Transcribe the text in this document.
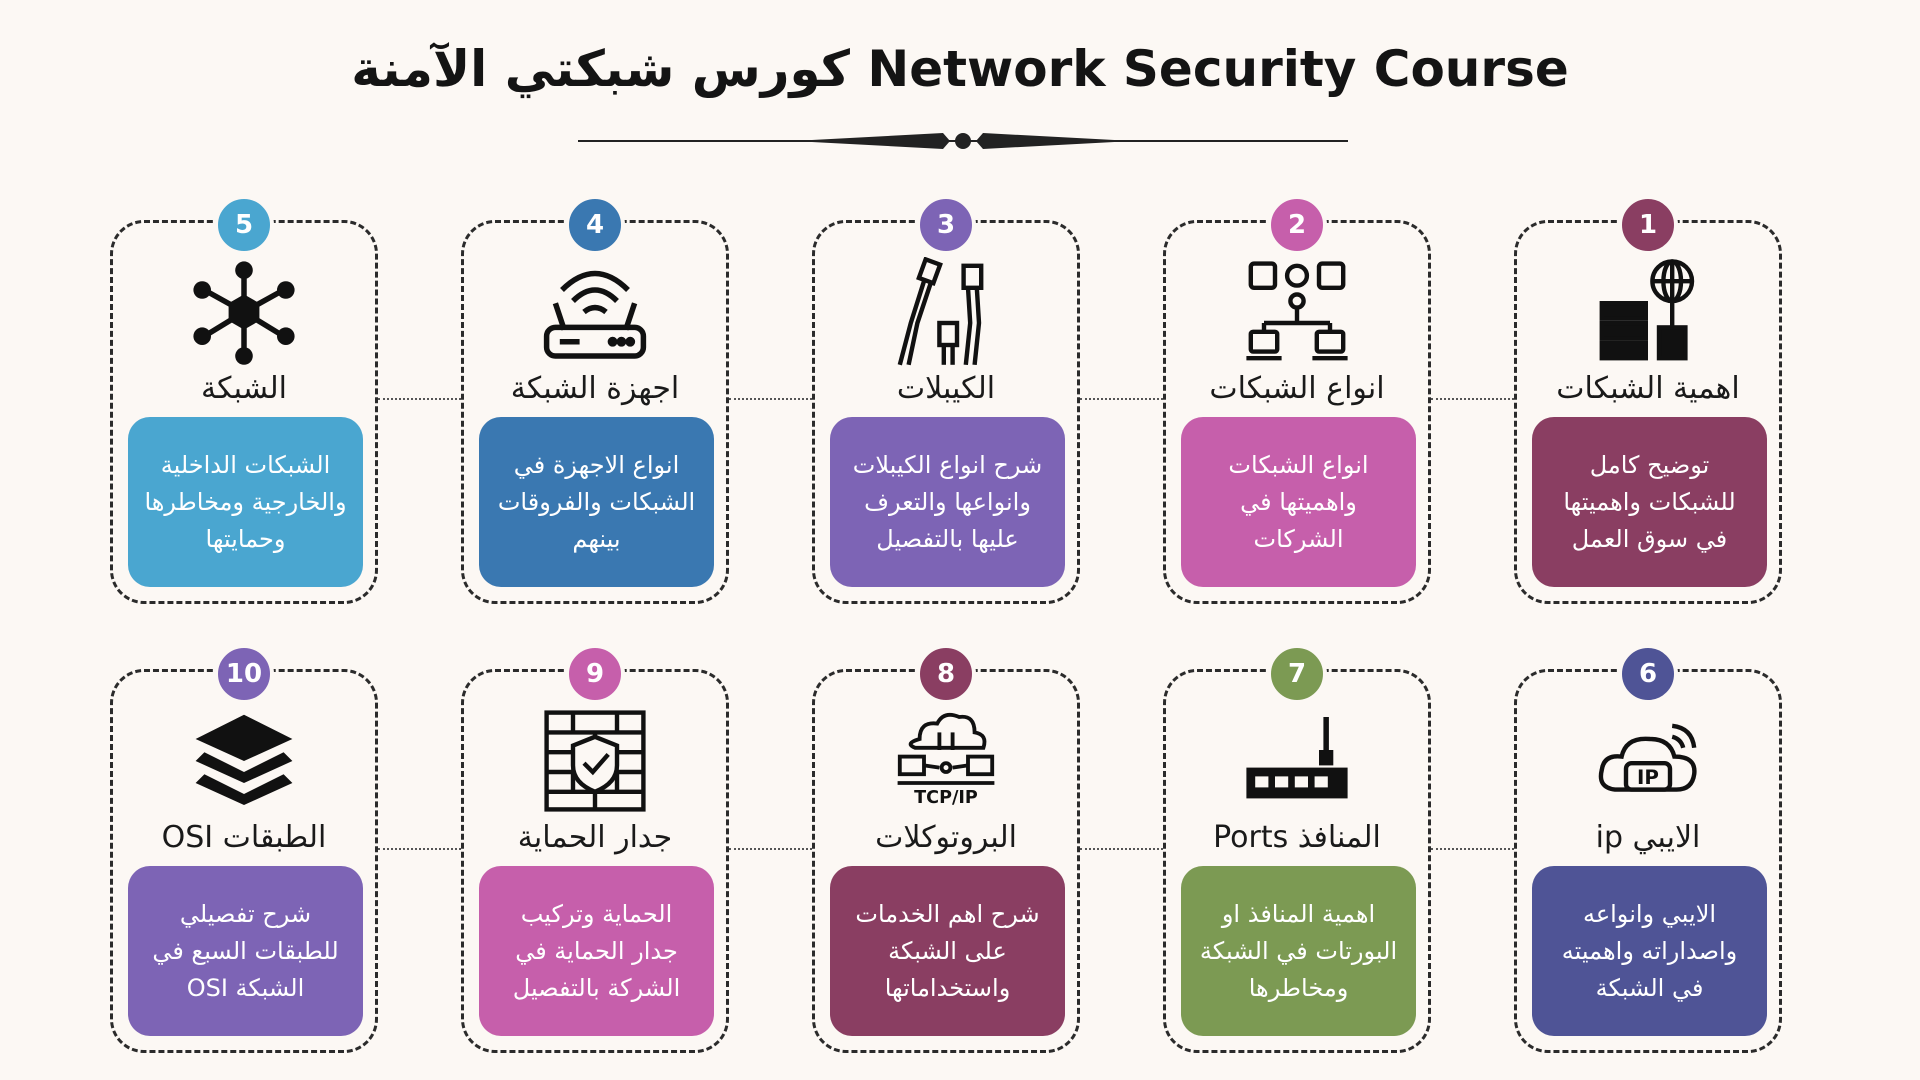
كورس شبكتي الآمنة Network Security Course
5
الشبكة
الشبكات الداخلية
والخارجية ومخاطرها
وحمايتها
4
اجهزة الشبكة
انواع الاجهزة في
الشبكات والفروقات
بينهم
3
الكيبلات
شرح انواع الكيبلات
وانواعها والتعرف
عليها بالتفصيل
2
انواع الشبكات
انواع الشبكات
واهميتها في
الشركات
1
اهمية الشبكات
توضيح كامل
للشبكات واهميتها
في سوق العمل
10
الطبقات OSI
شرح تفصيلي
للطبقات السبع في
الشبكة OSI
9
جدار الحماية
الحماية وتركيب
جدار الحماية في
الشركة بالتفصيل
8
TCP/IP
البروتوكلات
شرح اهم الخدمات
على الشبكة
واستخداماتها
7
المنافذ Ports
اهمية المنافذ او
البورتات في الشبكة
ومخاطرها
6
IP
الايبي ip
الايبي وانواعه
واصداراته واهميته
في الشبكة
